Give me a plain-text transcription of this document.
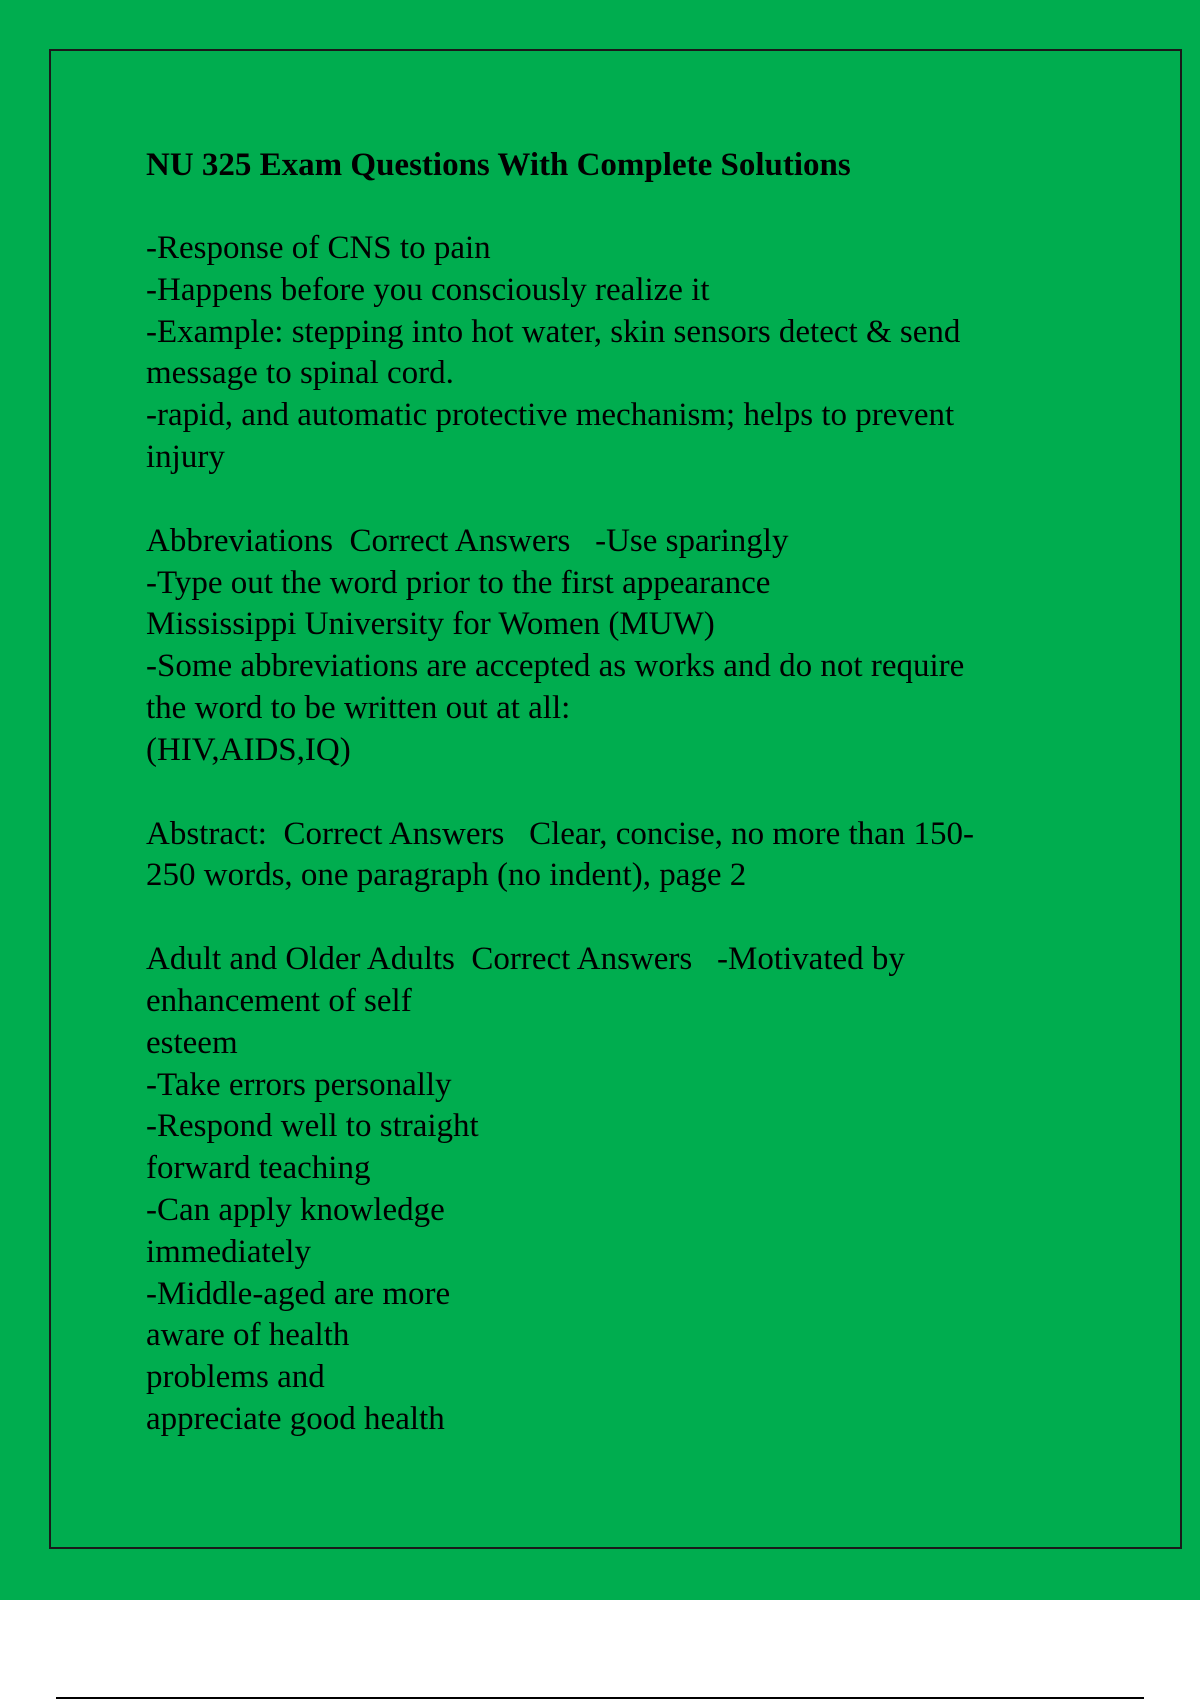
NU 325 Exam Questions With Complete Solutions
-Response of CNS to pain
-Happens before you consciously realize it
-Example: stepping into hot water, skin sensors detect & send
message to spinal cord.
-rapid, and automatic protective mechanism; helps to prevent
injury
Abbreviations  Correct Answers   -Use sparingly
-Type out the word prior to the first appearance
Mississippi University for Women (MUW)
-Some abbreviations are accepted as works and do not require
the word to be written out at all:
(HIV,AIDS,IQ)
Abstract:  Correct Answers   Clear, concise, no more than 150-
250 words, one paragraph (no indent), page 2
Adult and Older Adults  Correct Answers   -Motivated by
enhancement of self
esteem
-Take errors personally
-Respond well to straight
forward teaching
-Can apply knowledge
immediately
-Middle-aged are more
aware of health
problems and
appreciate good health
